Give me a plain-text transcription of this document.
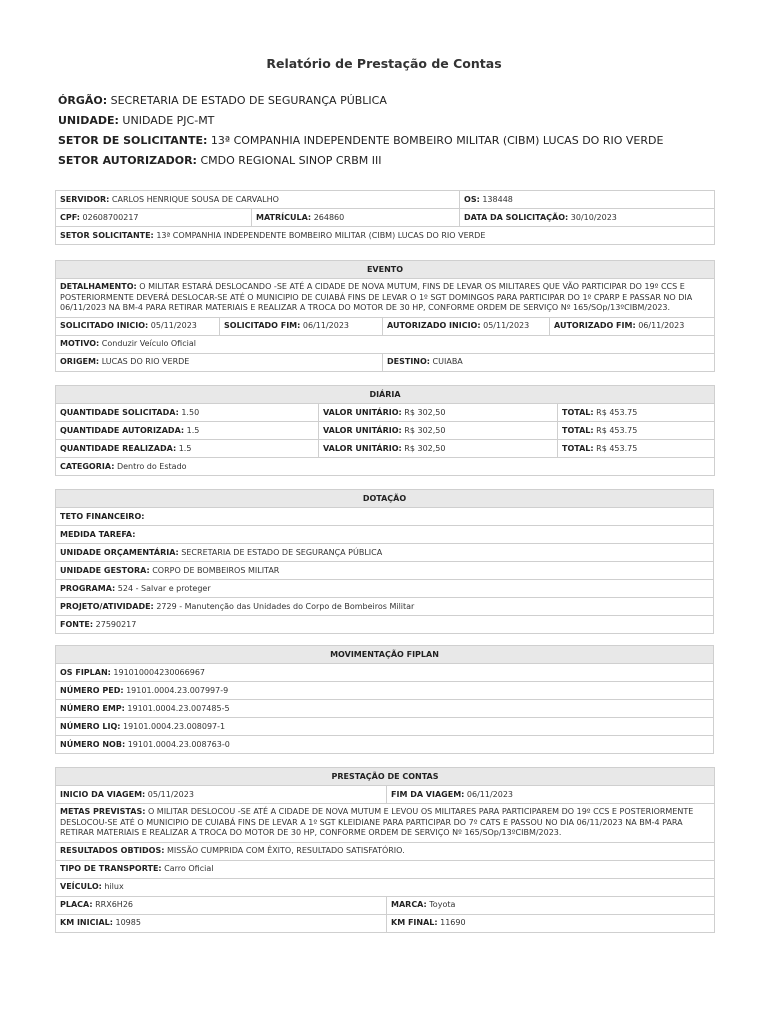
Relatório de Prestação de Contas
ÓRGÃO: SECRETARIA DE ESTADO DE SEGURANÇA PÚBLICA
UNIDADE: UNIDADE PJC-MT
SETOR DE SOLICITANTE: 13ª COMPANHIA INDEPENDENTE BOMBEIRO MILITAR (CIBM) LUCAS DO RIO VERDE
SETOR AUTORIZADOR: CMDO REGIONAL SINOP CRBM III
SERVIDOR: CARLOS HENRIQUE SOUSA DE CARVALHO		OS: 138448
CPF: 02608700217	MATRÍCULA: 264860	DATA DA SOLICITAÇÃO: 30/10/2023
SETOR SOLICITANTE: 13ª COMPANHIA INDEPENDENTE BOMBEIRO MILITAR (CIBM) LUCAS DO RIO VERDE		
EVENTO			
DETALHAMENTO: O MILITAR ESTARÁ DESLOCANDO -SE ATÉ A CIDADE DE NOVA MUTUM, FINS DE LEVAR OS MILITARES QUE VÃO PARTICIPAR DO 19º CCS E POSTERIORMENTE DEVERÁ DESLOCAR-SE ATÉ O MUNICIPIO DE CUIABÁ FINS DE LEVAR O 1º SGT DOMINGOS PARA PARTICIPAR DO 1º CPARP E PASSAR NO DIA 06/11/2023 NA BM-4 PARA RETIRAR MATERIAIS E REALIZAR A TROCA DO MOTOR DE 30 HP, CONFORME ORDEM DE SERVIÇO Nº 165/SOp/13ºCIBM/2023.			
SOLICITADO INICIO: 05/11/2023	SOLICITADO FIM: 06/11/2023	AUTORIZADO INICIO: 05/11/2023	AUTORIZADO FIM: 06/11/2023
MOTIVO: Conduzir Veículo Oficial			
ORIGEM: LUCAS DO RIO VERDE		DESTINO: CUIABA	
DIÁRIA		
QUANTIDADE SOLICITADA: 1.50	VALOR UNITÁRIO: R$ 302,50	TOTAL: R$ 453.75
QUANTIDADE AUTORIZADA: 1.5	VALOR UNITÁRIO: R$ 302,50	TOTAL: R$ 453.75
QUANTIDADE REALIZADA: 1.5	VALOR UNITÁRIO: R$ 302,50	TOTAL: R$ 453.75
CATEGORIA: Dentro do Estado		
DOTAÇÃO
TETO FINANCEIRO:
MEDIDA TAREFA:
UNIDADE ORÇAMENTÁRIA: SECRETARIA DE ESTADO DE SEGURANÇA PÚBLICA
UNIDADE GESTORA: CORPO DE BOMBEIROS MILITAR
PROGRAMA: 524 - Salvar e proteger
PROJETO/ATIVIDADE: 2729 - Manutenção das Unidades do Corpo de Bombeiros Militar
FONTE: 27590217
MOVIMENTAÇÃO FIPLAN
OS FIPLAN: 191010004230066967
NÚMERO PED: 19101.0004.23.007997-9
NÚMERO EMP: 19101.0004.23.007485-5
NÚMERO LIQ: 19101.0004.23.008097-1
NÚMERO NOB: 19101.0004.23.008763-0
PRESTAÇÃO DE CONTAS	
INICIO DA VIAGEM: 05/11/2023	FIM DA VIAGEM: 06/11/2023
METAS PREVISTAS: O MILITAR DESLOCOU -SE ATÉ A CIDADE DE NOVA MUTUM E LEVOU OS MILITARES PARA PARTICIPAREM DO 19º CCS E POSTERIORMENTE DESLOCOU-SE ATÉ O MUNICIPIO DE CUIABÁ FINS DE LEVAR A 1º SGT KLEIDIANE PARA PARTICIPAR DO 7º CATS E PASSOU NO DIA 06/11/2023 NA BM-4 PARA RETIRAR MATERIAIS E REALIZAR A TROCA DO MOTOR DE 30 HP, CONFORME ORDEM DE SERVIÇO Nº 165/SOp/13ºCIBM/2023.	
RESULTADOS OBTIDOS: MISSÃO CUMPRIDA COM ÊXITO, RESULTADO SATISFATÓRIO.	
TIPO DE TRANSPORTE: Carro Oficial	
VEÍCULO: hilux	
PLACA: RRX6H26	MARCA: Toyota
KM INICIAL: 10985	KM FINAL: 11690
